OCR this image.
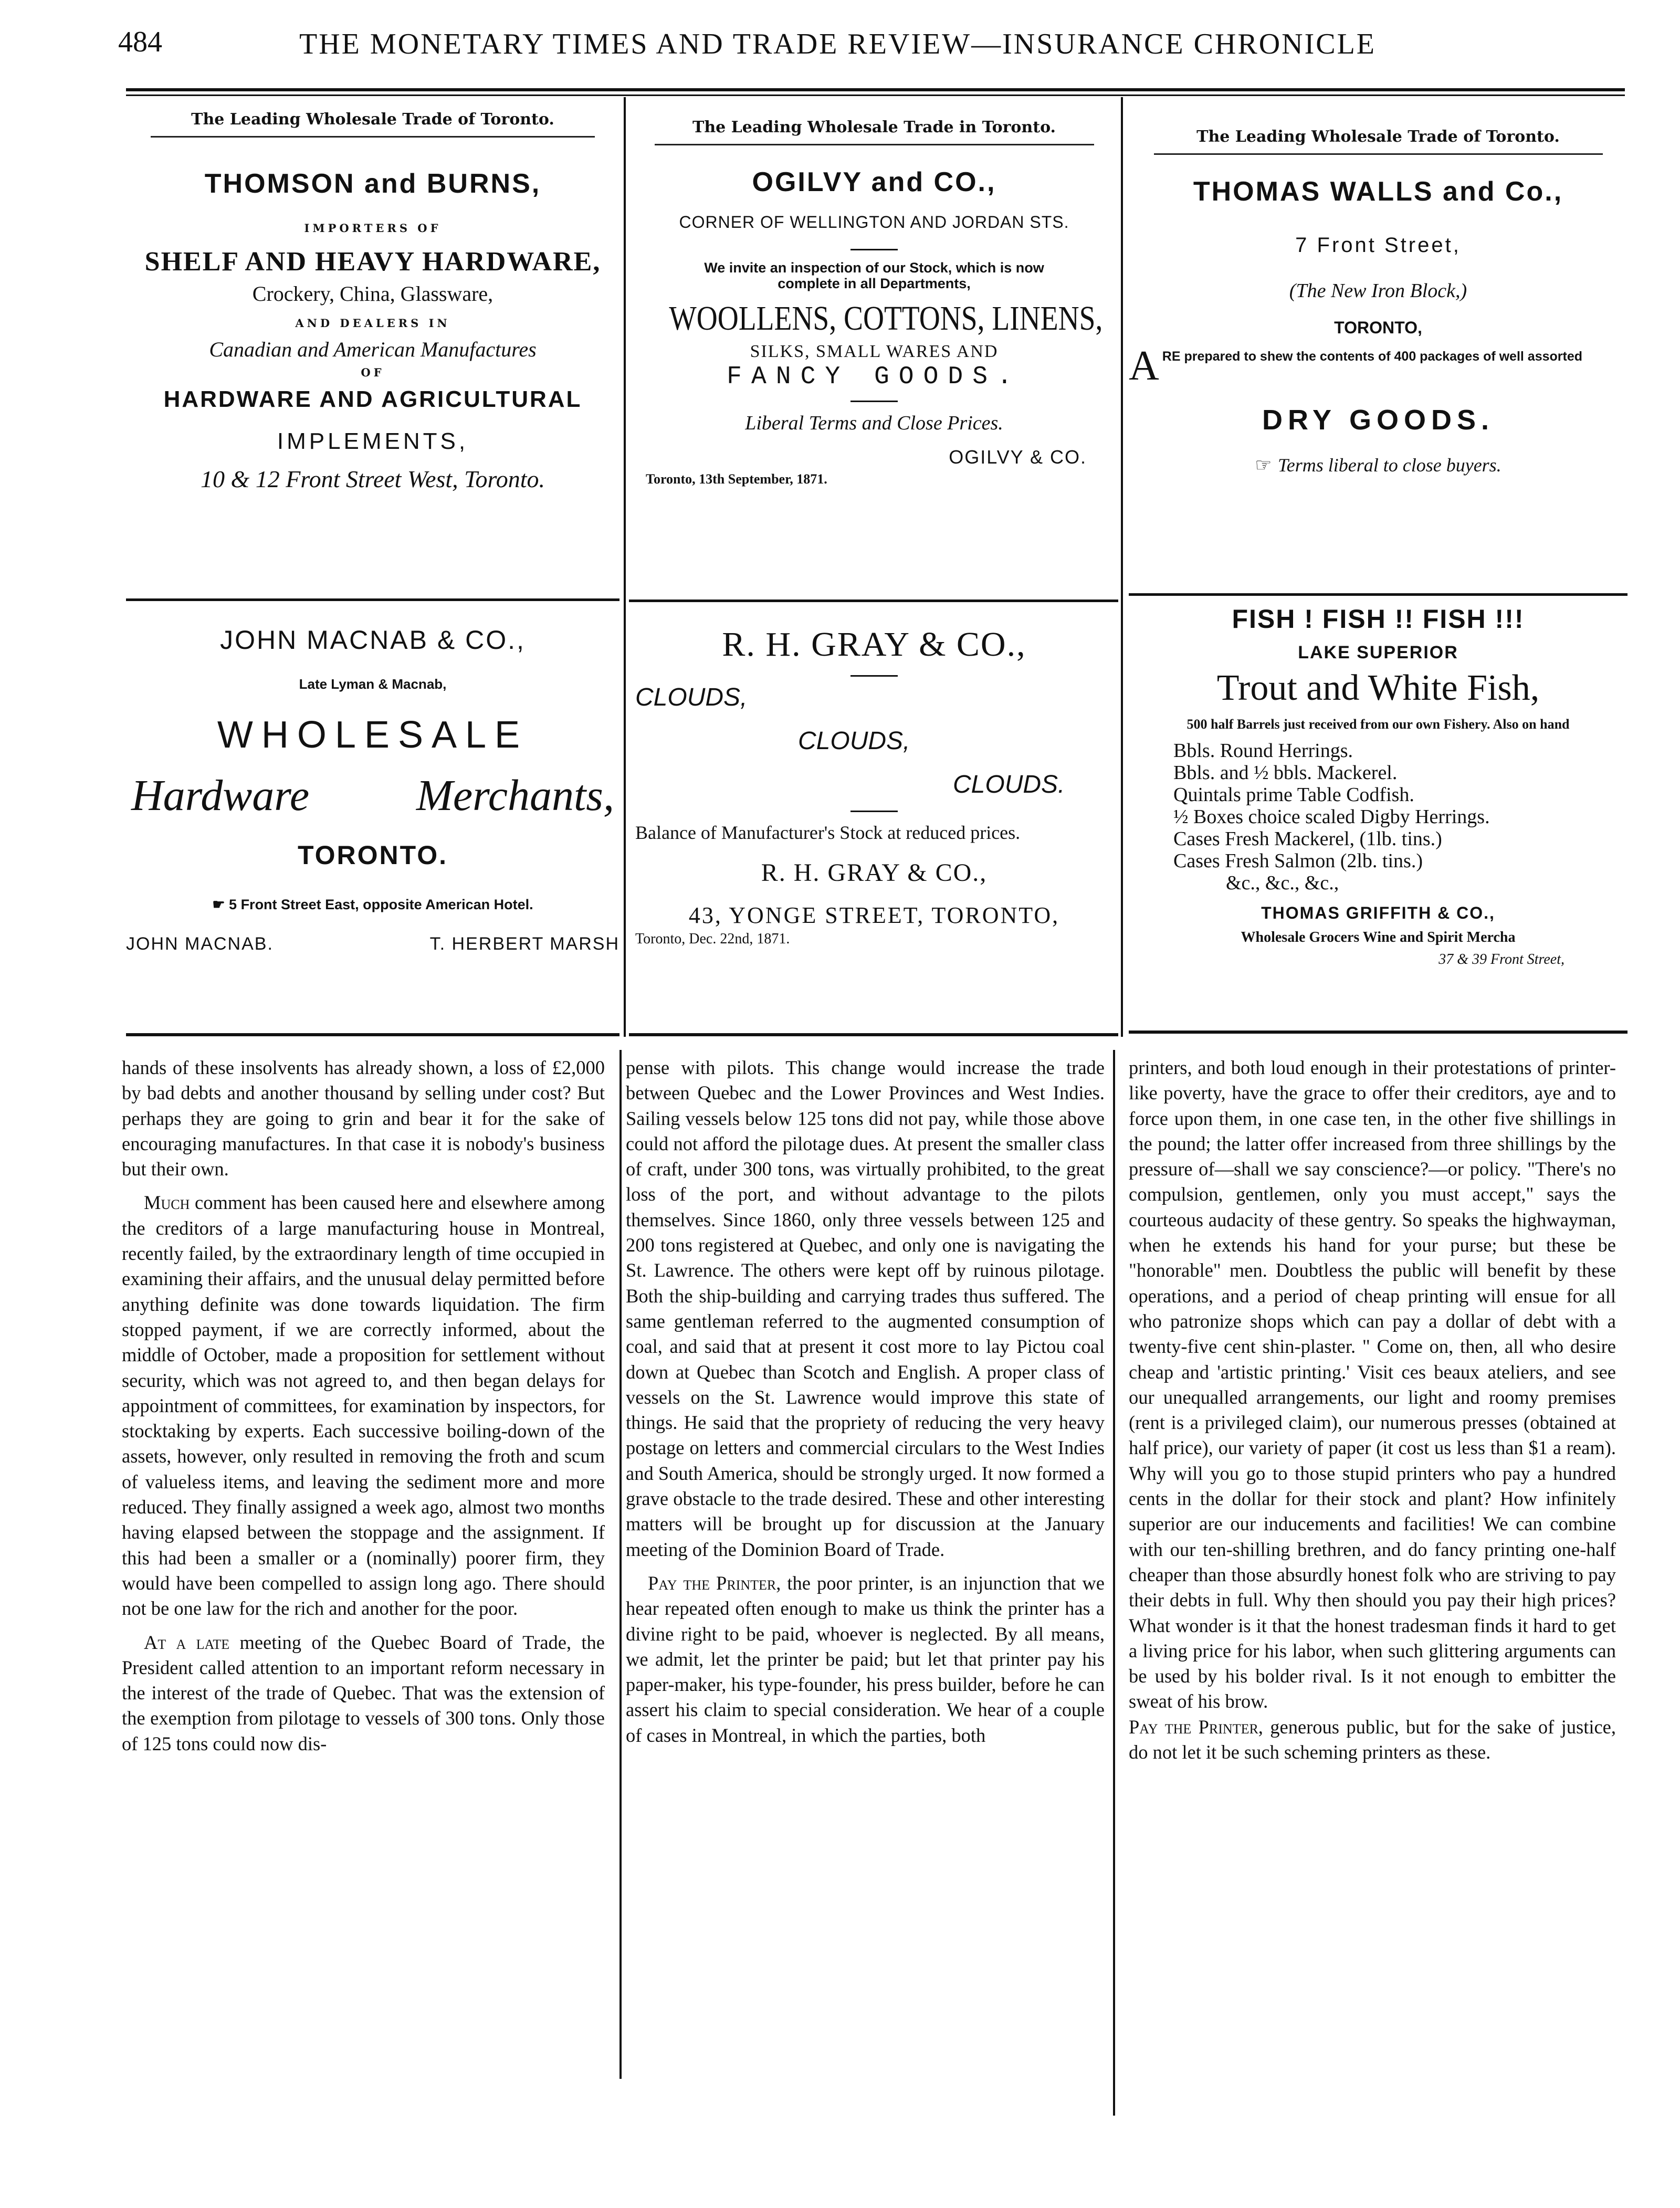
484	THE MONETARY TIMES AND TRADE REVIEW—INSURANCE CHRONICLE
The Leading Wholesale Trade of Toronto.
THOMSON and BURNS,
IMPORTERS OF
SHELF AND HEAVY HARDWARE,
Crockery, China, Glassware,
AND DEALERS IN
Canadian and American Manufactures
OF
HARDWARE AND AGRICULTURAL
IMPLEMENTS,
10 & 12 Front Street West, Toronto.
JOHN MACNAB & CO.,
Late Lyman & Macnab,
WHOLESALE
Hardware Merchants,
TORONTO.
☛ 5 Front Street East, opposite American Hotel.
JOHN MACNAB.	T. HERBERT MARSH
The Leading Wholesale Trade in Toronto.
OGILVY and CO.,
CORNER OF WELLINGTON AND JORDAN STS.
We invite an inspection of our Stock, which is now complete in all Departments,
WOOLLENS, COTTONS, LINENS,
SILKS, SMALL WARES AND
FANCY GOODS.
Liberal Terms and Close Prices.
OGILVY & CO.
Toronto, 13th September, 1871.
R. H. GRAY & CO.,
CLOUDS,
CLOUDS,
CLOUDS.
Balance of Manufacturer's Stock at reduced prices.
R. H. GRAY & CO.,
43, YONGE STREET, TORONTO,
Toronto, Dec. 22nd, 1871.
The Leading Wholesale Trade of Toronto.
THOMAS WALLS and Co.,
7 Front Street,
(The New Iron Block,)
TORONTO,
A RE prepared to shew the contents of 400 packages of well assorted
DRY GOODS.
☞ Terms liberal to close buyers.
FISH ! FISH !! FISH !!!
LAKE SUPERIOR
Trout and White Fish,
500 half Barrels just received from our own Fishery. Also on hand
Bbls. Round Herrings.
Bbls. and ½ bbls. Mackerel.
Quintals prime Table Codfish.
½ Boxes choice scaled Digby Herrings.
Cases Fresh Mackerel, (1lb. tins.)
Cases Fresh Salmon (2lb. tins.)
&c., &c., &c.,
THOMAS GRIFFITH & CO.,
Wholesale Grocers Wine and Spirit Mercha
37 & 39 Front Street,

hands of these insolvents has already shown, a loss of £2,000 by bad debts and another thousand by selling under cost? But perhaps they are going to grin and bear it for the sake of encouraging manufactures. In that case it is nobody's business but their own.

Much comment has been caused here and elsewhere among the creditors of a large manufacturing house in Montreal, recently failed, by the extraordinary length of time occupied in examining their affairs, and the unusual delay permitted before anything definite was done towards liquidation. The firm stopped payment, if we are correctly informed, about the middle of October, made a proposition for settlement without security, which was not agreed to, and then began delays for appointment of committees, for examination by inspectors, for stocktaking by experts. Each successive boiling-down of the assets, however, only resulted in removing the froth and scum of valueless items, and leaving the sediment more and more reduced. They finally assigned a week ago, almost two months having elapsed between the stoppage and the assignment. If this had been a smaller or a (nominally) poorer firm, they would have been compelled to assign long ago. There should not be one law for the rich and another for the poor.

At a late meeting of the Quebec Board of Trade, the President called attention to an important reform necessary in the interest of the trade of Quebec. That was the extension of the exemption from pilotage to vessels of 300 tons. Only those of 125 tons could now dis-

pense with pilots. This change would increase the trade between Quebec and the Lower Provinces and West Indies. Sailing vessels below 125 tons did not pay, while those above could not afford the pilotage dues. At present the smaller class of craft, under 300 tons, was virtually prohibited, to the great loss of the port, and without advantage to the pilots themselves. Since 1860, only three vessels between 125 and 200 tons registered at Quebec, and only one is navigating the St. Lawrence. The others were kept off by ruinous pilotage. Both the ship-building and carrying trades thus suffered. The same gentleman referred to the augmented consumption of coal, and said that at present it cost more to lay Pictou coal down at Quebec than Scotch and English. A proper class of vessels on the St. Lawrence would improve this state of things. He said that the propriety of reducing the very heavy postage on letters and commercial circulars to the West Indies and South America, should be strongly urged. It now formed a grave obstacle to the trade desired. These and other interesting matters will be brought up for discussion at the January meeting of the Dominion Board of Trade.

Pay the Printer, the poor printer, is an injunction that we hear repeated often enough to make us think the printer has a divine right to be paid, whoever is neglected. By all means, we admit, let the printer be paid; but let that printer pay his paper-maker, his type-founder, his press builder, before he can assert his claim to special consideration. We hear of a couple of cases in Montreal, in which the parties, both

printers, and both loud enough in their protestations of printer-like poverty, have the grace to offer their creditors, aye and to force upon them, in one case ten, in the other five shillings in the pound; the latter offer increased from three shillings by the pressure of—shall we say conscience?—or policy. "There's no compulsion, gentlemen, only you must accept," says the courteous audacity of these gentry. So speaks the highwayman, when he extends his hand for your purse; but these be "honorable" men. Doubtless the public will benefit by these operations, and a period of cheap printing will ensue for all who patronize shops which can pay a dollar of debt with a twenty-five cent shin-plaster. " Come on, then, all who desire cheap and 'artistic printing.' Visit ces beaux ateliers, and see our unequalled arrangements, our light and roomy premises (rent is a privileged claim), our numerous presses (obtained at half price), our variety of paper (it cost us less than $1 a ream). Why will you go to those stupid printers who pay a hundred cents in the dollar for their stock and plant? How infinitely superior are our inducements and facilities! We can combine with our ten-shilling brethren, and do fancy printing one-half cheaper than those absurdly honest folk who are striving to pay their debts in full. Why then should you pay their high prices? What wonder is it that the honest tradesman finds it hard to get a living price for his labor, when such glittering arguments can be used by his bolder rival. Is it not enough to embitter the sweat of his brow.

Pay the Printer, generous public, but for the sake of justice, do not let it be such scheming printers as these.
